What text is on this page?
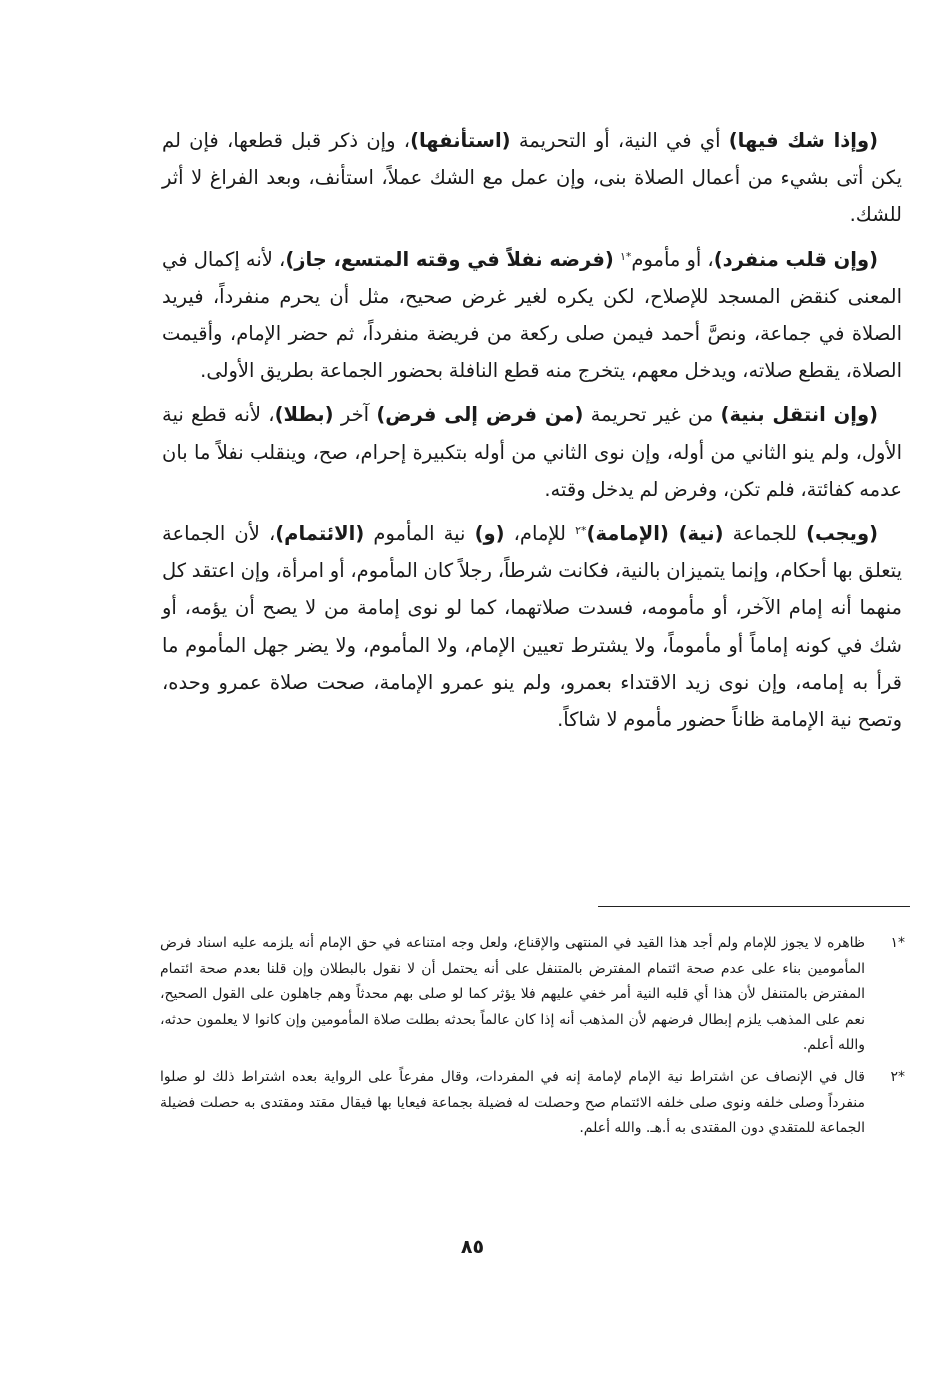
(وإذا شك فيها) أي في النية، أو التحريمة (استأنفها)، وإن ذكر قبل قطعها، فإن لم يكن أتى بشيء من أعمال الصلاة بنى، وإن عمل مع الشك عملاً، استأنف، وبعد الفراغ لا أثر للشك.

(وإن قلب منفرد)، أو مأموم$^{*١}$ (فرضه نفلاً في وقته المتسع، جاز)، لأنه إكمال في المعنى كنقض المسجد للإصلاح، لكن يكره لغير غرض صحيح، مثل أن يحرم منفرداً، فيريد الصلاة في جماعة، ونصَّ أحمد فيمن صلى ركعة من فريضة منفرداً، ثم حضر الإمام، وأقيمت الصلاة، يقطع صلاته، ويدخل معهم، يتخرج منه قطع النافلة بحضور الجماعة بطريق الأولى.

(وإن انتقل بنية) من غير تحريمة (من فرض إلى فرض) آخر (بطلا)، لأنه قطع نية الأول، ولم ينو الثاني من أوله، وإن نوى الثاني من أوله بتكبيرة إحرام، صح، وينقلب نفلاً ما بان عدمه كفائتة، فلم تكن، وفرض لم يدخل وقته.

(ويجب) للجماعة (نية) (الإمامة)$^{*٢}$ للإمام، (و) نية المأموم (الائتمام)، لأن الجماعة يتعلق بها أحكام، وإنما يتميزان بالنية، فكانت شرطاً، رجلاً كان المأموم، أو امرأة، وإن اعتقد كل منهما أنه إمام الآخر، أو مأمومه، فسدت صلاتهما، كما لو نوى إمامة من لا يصح أن يؤمه، أو شك في كونه إماماً أو مأموماً، ولا يشترط تعيين الإمام، ولا المأموم، ولا يضر جهل المأموم ما قرأ به إمامه، وإن نوى زيد الاقتداء بعمرو، ولم ينو عمرو الإمامة، صحت صلاة عمرو وحده، وتصح نية الإمامة ظاناً حضور مأموم لا شاكاً.

*١
ظاهره لا يجوز للإمام ولم أجد هذا القيد في المنتهى والإقناع، ولعل وجه امتناعه في حق الإمام أنه يلزمه عليه اسناد فرض المأمومين بناء على عدم صحة ائتمام المفترض بالمتنفل على أنه يحتمل أن لا نقول بالبطلان وإن قلنا بعدم صحة ائتمام المفترض بالمتنفل لأن هذا أي قلبه النية أمر خفي عليهم فلا يؤثر كما لو صلى بهم محدثاً وهم جاهلون على القول الصحيح، نعم على المذهب يلزم إبطال فرضهم لأن المذهب أنه إذا كان عالماً بحدثه بطلت صلاة المأمومين وإن كانوا لا يعلمون حدثه، والله أعلم.
*٢
قال في الإنصاف عن اشتراط نية الإمام لإمامة إنه في المفردات، وقال مفرعاً على الرواية بعده اشتراط ذلك لو صلوا منفرداً وصلى خلفه ونوى صلى خلفه الائتمام صح وحصلت له فضيلة بجماعة فيعايا بها فيقال مقتد ومقتدى به حصلت فضيلة الجماعة للمتقدي دون المقتدى به أ.هـ. والله أعلم.
٨٥
